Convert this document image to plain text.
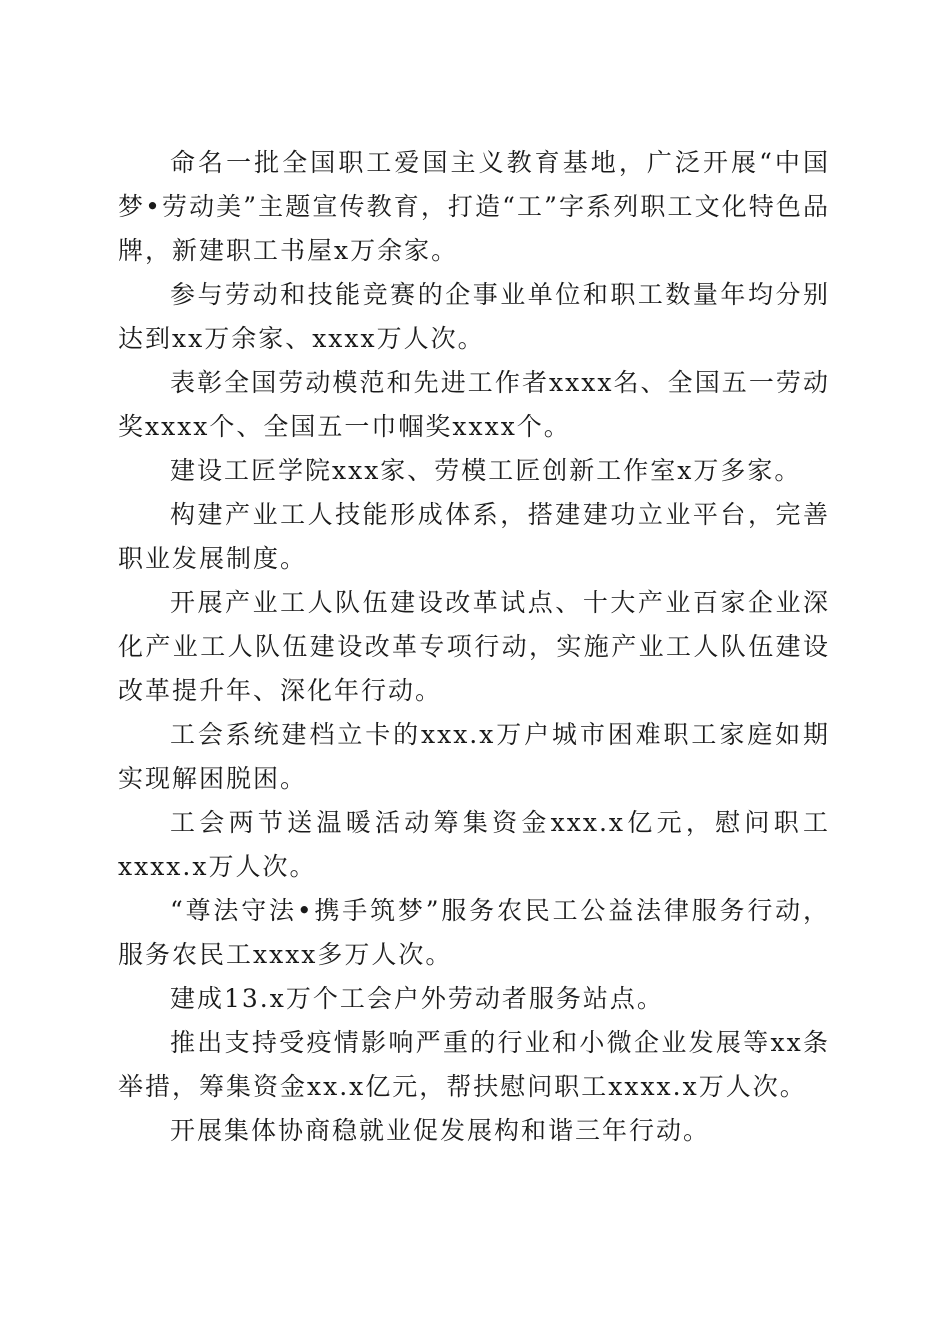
命名一批全国职工爱国主义教育基地，广泛开展“中国梦•劳动美”主题宣传教育，打造“工”字系列职工文化特色品牌，新建职工书屋x万余家。

参与劳动和技能竞赛的企事业单位和职工数量年均分别达到xx万余家、xxxx万人次。

表彰全国劳动模范和先进工作者xxxx名、全国五一劳动奖xxxx个、全国五一巾帼奖xxxx个。

建设工匠学院xxx家、劳模工匠创新工作室x万多家。

构建产业工人技能形成体系，搭建建功立业平台，完善职业发展制度。

开展产业工人队伍建设改革试点、十大产业百家企业深化产业工人队伍建设改革专项行动，实施产业工人队伍建设改革提升年、深化年行动。

工会系统建档立卡的xxx.x万户城市困难职工家庭如期实现解困脱困。

工会两节送温暖活动筹集资金xxx.x亿元，慰问职工xxxx.x万人次。

“尊法守法•携手筑梦”服务农民工公益法律服务行动，服务农民工xxxx多万人次。

建成13.x万个工会户外劳动者服务站点。

推出支持受疫情影响严重的行业和小微企业发展等xx条举措，筹集资金xx.x亿元，帮扶慰问职工xxxx.x万人次。

开展集体协商稳就业促发展构和谐三年行动。
